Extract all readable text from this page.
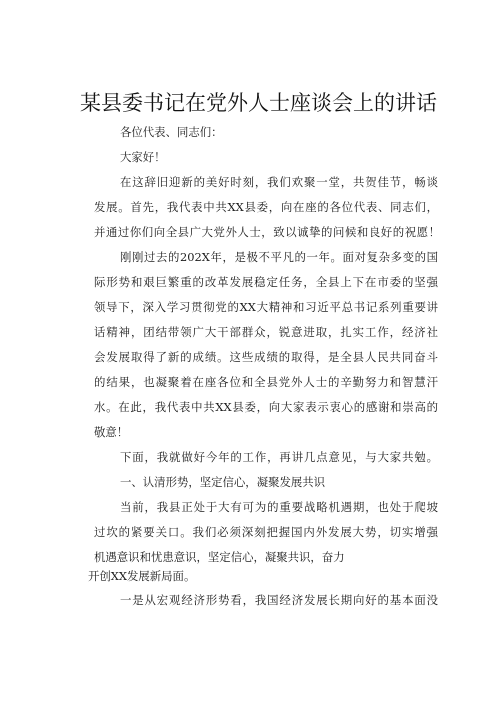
某县委书记在党外人士座谈会上的讲话
各位代表、同志们：
大家好！
在这辞旧迎新的美好时刻，我们欢聚一堂，共贺佳节，畅谈
发展。首先，我代表中共XX县委，向在座的各位代表、同志们，
并通过你们向全县广大党外人士，致以诚挚的问候和良好的祝愿！
刚刚过去的202X年，是极不平凡的一年。面对复杂多变的国
际形势和艰巨繁重的改革发展稳定任务，全县上下在市委的坚强
领导下，深入学习贯彻党的XX大精神和习近平总书记系列重要讲
话精神，团结带领广大干部群众，锐意进取，扎实工作，经济社
会发展取得了新的成绩。这些成绩的取得，是全县人民共同奋斗
的结果，也凝聚着在座各位和全县党外人士的辛勤努力和智慧汗
水。在此，我代表中共XX县委，向大家表示衷心的感谢和崇高的
敬意！
下面，我就做好今年的工作，再讲几点意见，与大家共勉。
一、认清形势，坚定信心，凝聚发展共识
当前，我县正处于大有可为的重要战略机遇期，也处于爬坡
过坎的紧要关口。我们必须深刻把握国内外发展大势，切实增强
机遇意识和忧患意识，坚定信心，凝聚共识，奋力
开创XX发展新局面。
一是从宏观经济形势看，我国经济发展长期向好的基本面没
